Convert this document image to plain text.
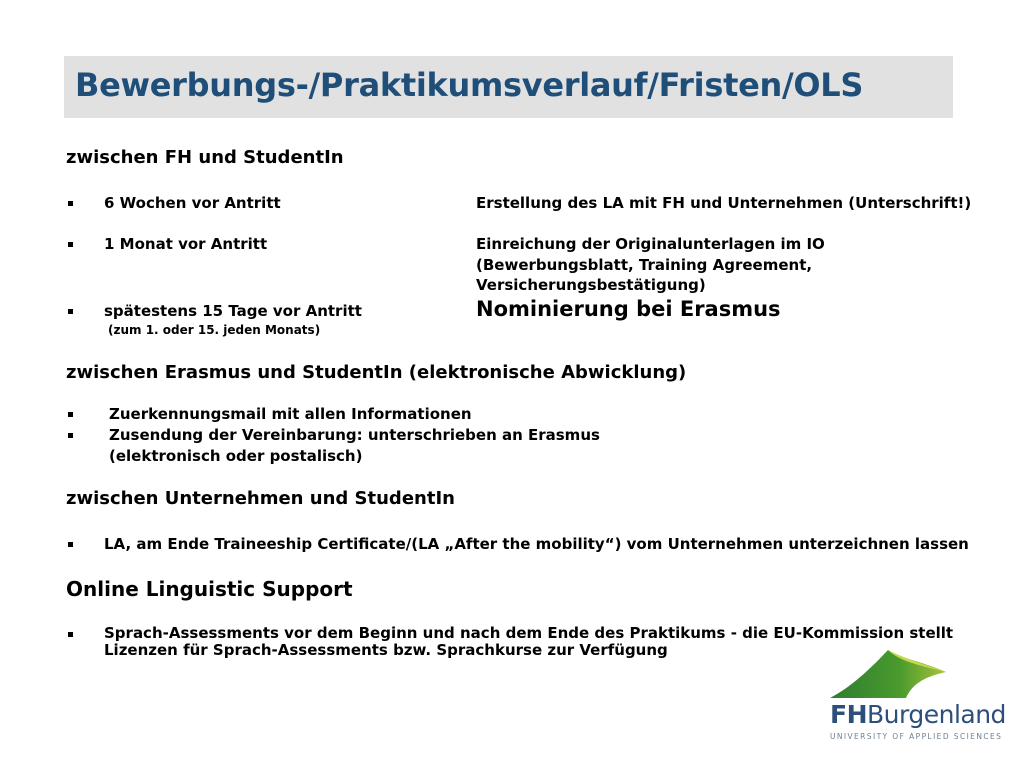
Bewerbungs-/Praktikumsverlauf/Fristen/OLS
zwischen FH und StudentIn
6 Wochen vor Antritt	Erstellung des LA mit FH und Unternehmen (Unterschrift!)
1 Monat vor Antritt	Einreichung der Originalunterlagen im IO
(Bewerbungsblatt, Training Agreement,
Versicherungsbestätigung)
spätestens 15 Tage vor Antritt
(zum 1. oder 15. jeden Monats)
Nominierung bei Erasmus
zwischen Erasmus und StudentIn (elektronische Abwicklung)
Zuerkennungsmail mit allen Informationen
Zusendung der Vereinbarung: unterschrieben an Erasmus
(elektronisch oder postalisch)
zwischen Unternehmen und StudentIn
LA, am Ende Traineeship Certificate/(LA „After the mobility“) vom Unternehmen unterzeichnen lassen
Online Linguistic Support
Sprach-Assessments vor dem Beginn und nach dem Ende des Praktikums - die EU-Kommission stellt
Lizenzen für Sprach-Assessments bzw. Sprachkurse zur Verfügung
FHBurgenland
UNIVERSITY OF APPLIED SCIENCES
